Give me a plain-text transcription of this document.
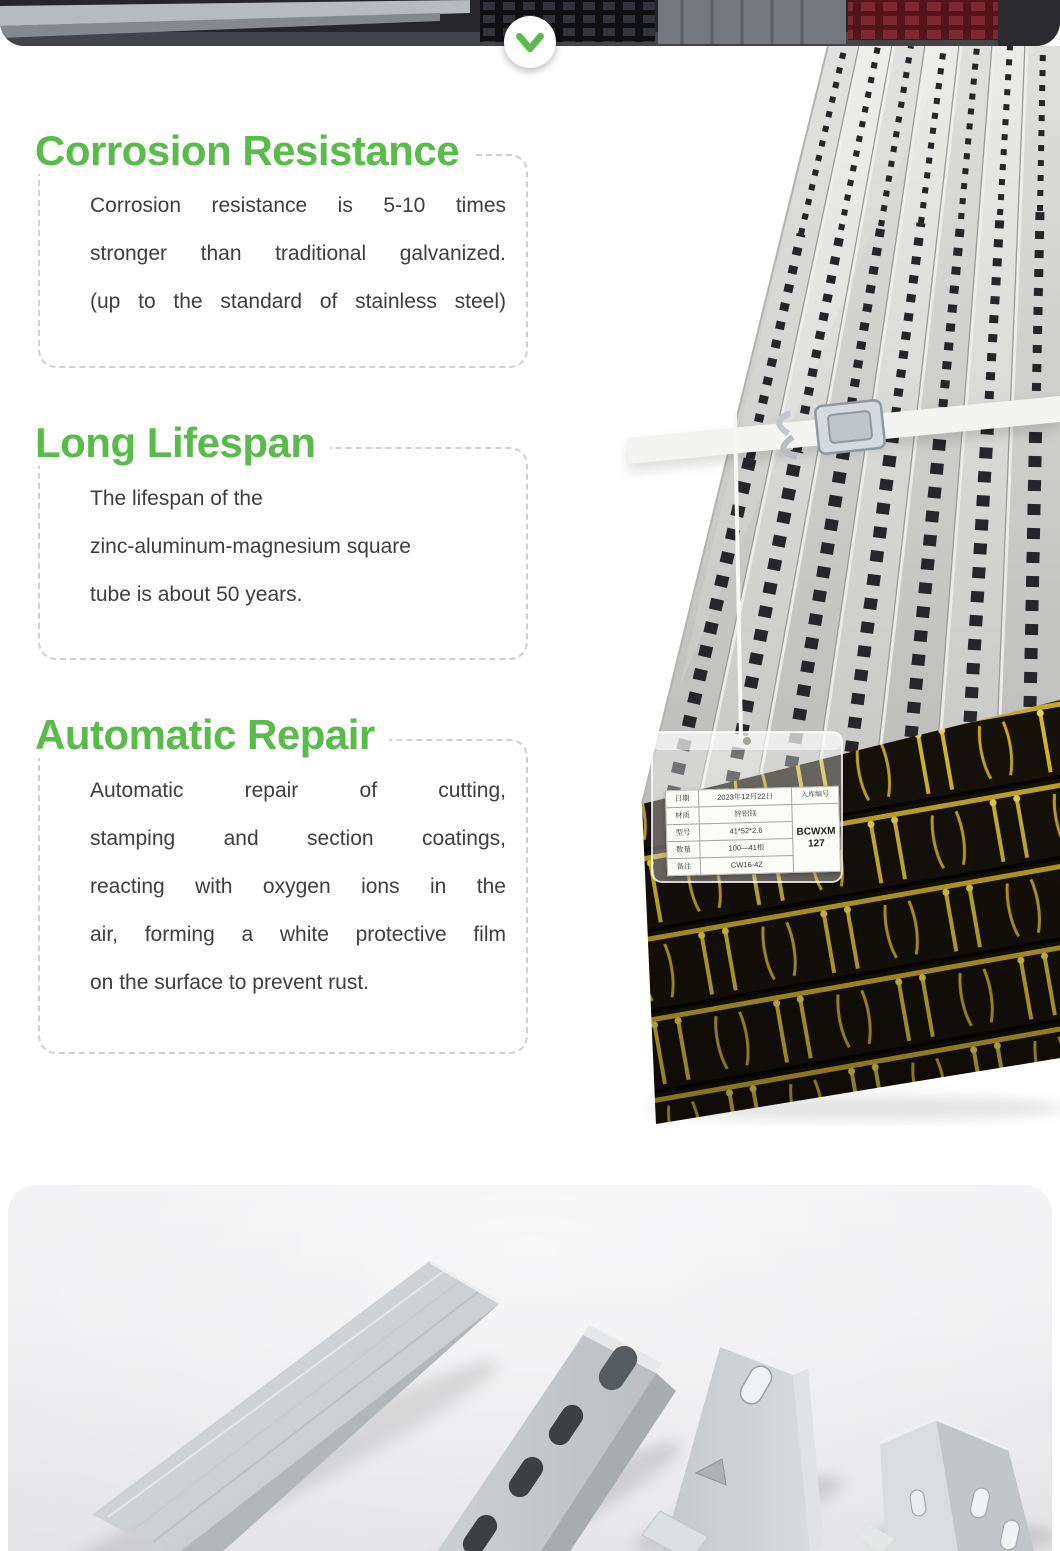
Corrosion Resistance
Corrosion resistance is 5-10 times
stronger than traditional galvanized.
(up to the standard of stainless steel)
Long Lifespan
The lifespan of the
zinc-aluminum-magnesium square
tube is about 50 years.
Automatic Repair
Automatic repair of cutting,
stamping and section coatings,
reacting with oxygen ions in the
air, forming a white protective film
on the surface to prevent rust.
日期	2023年12月22日
材质	锌铝镁
型号	41*52*2.6
数量	100—41根
备注	CW16-4Z
入库编号
BCWXM
127
